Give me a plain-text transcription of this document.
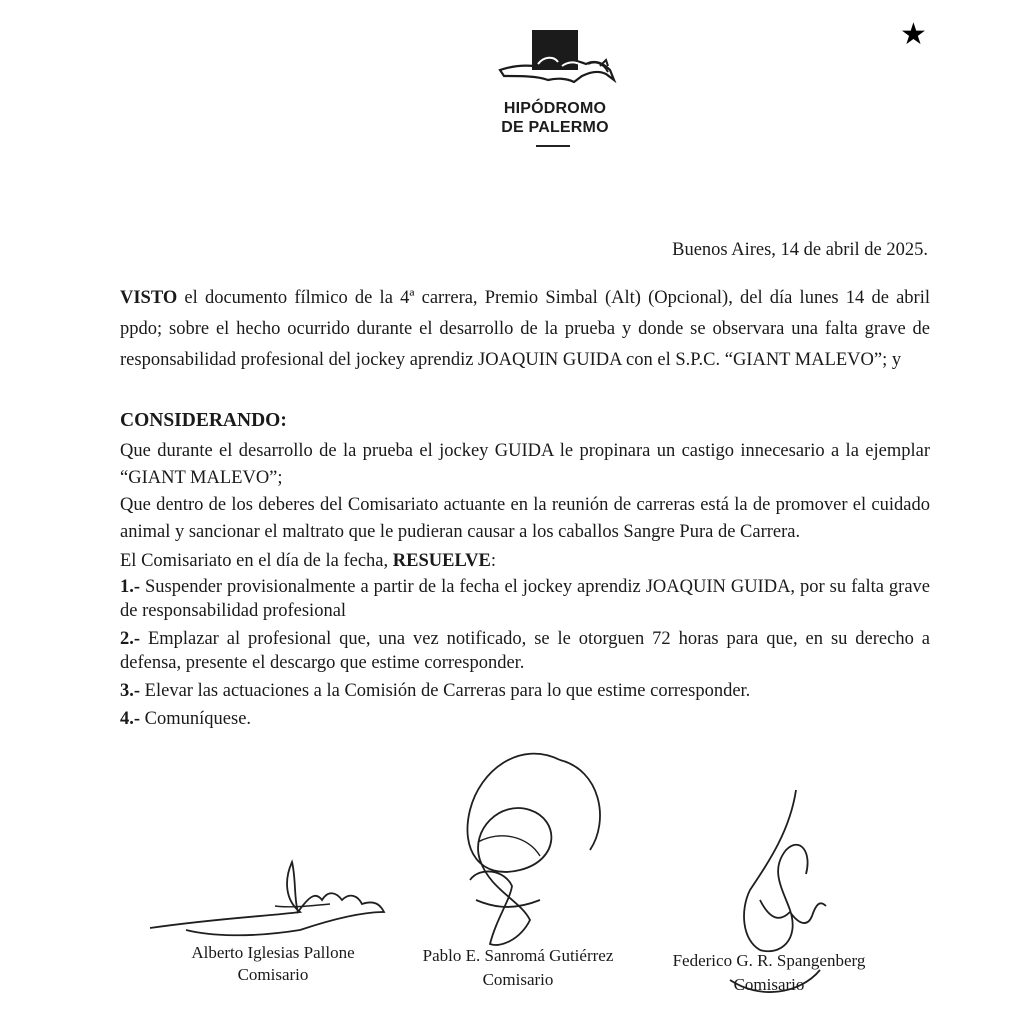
★
HIPÓDROMO
DE PALERMO
Buenos Aires, 14 de abril de 2025.

VISTO el documento fílmico de la 4ª carrera, Premio Simbal (Alt) (Opcional), del día lunes 14 de abril ppdo; sobre el hecho ocurrido durante el desarrollo de la prueba y donde se observara una falta grave de responsabilidad profesional del jockey aprendiz JOAQUIN GUIDA con el S.P.C. “GIANT MALEVO”; y

CONSIDERANDO:

Que durante el desarrollo de la prueba el jockey GUIDA le propinara un castigo innecesario a la ejemplar “GIANT MALEVO”;

Que dentro de los deberes del Comisariato actuante en la reunión de carreras está la de promover el cuidado animal y sancionar el maltrato que le pudieran causar a los caballos Sangre Pura de Carrera.

El Comisariato en el día de la fecha, RESUELVE:

1.- Suspender provisionalmente a partir de la fecha el jockey aprendiz JOAQUIN GUIDA, por su falta grave de responsabilidad profesional

2.- Emplazar al profesional que, una vez notificado, se le otorguen 72 horas para que, en su derecho a defensa, presente el descargo que estime corresponder.

3.- Elevar las actuaciones a la Comisión de Carreras para lo que estime corresponder.

4.- Comuníquese.

Alberto Iglesias Pallone
Comisario
Pablo E. Sanromá Gutiérrez
Comisario
Federico G. R. Spangenberg
Comisario
